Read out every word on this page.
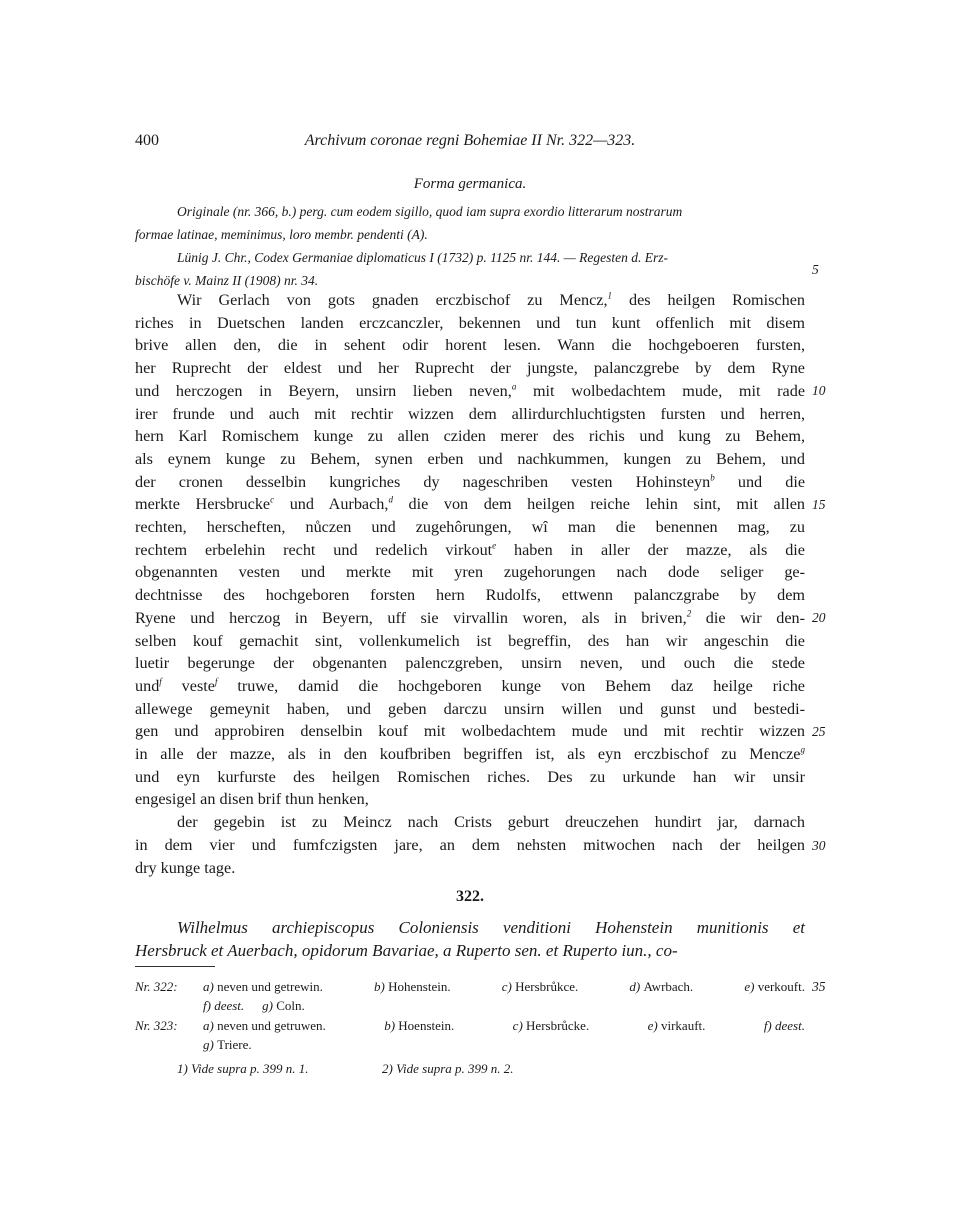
400	Archivum coronae regni Bohemiae II Nr. 322—323.
Forma germanica.
Originale (nr. 366, b.) perg. cum eodem sigillo, quod iam supra exordio litterarum nostrarum
formae latinae, meminimus, loro membr. pendenti (A).
Lünig J. Chr., Codex Germaniae diplomaticus I (1732) p. 1125 nr. 144. — Regesten d. Erz-
bischöfe v. Mainz II (1908) nr. 34.
5
Wir Gerlach von gots gnaden erczbischof zu Mencz,$^1$ des heilgen Romischen
riches in Duetschen landen erczcanczler, bekennen und tun kunt offenlich mit disem
brive allen den, die in sehent odir horent lesen. Wann die hochgeboeren fursten,
her Ruprecht der eldest und her Ruprecht der jungste, palanczgrebe by dem Ryne
und herczogen in Beyern, unsirn lieben neven,$^a$ mit wolbedachtem mude, mit rade
irer frunde und auch mit rechtir wizzen dem allirdurchluchtigsten fursten und herren,
hern Karl Romischem kunge zu allen cziden merer des richis und kung zu Behem,
als eynem kunge zu Behem, synen erben und nachkummen, kungen zu Behem, und
der cronen desselbin kungriches dy nageschriben vesten Hohinsteyn$^b$ und die
merkte Hersbrucke$^c$ und Aurbach,$^d$ die von dem heilgen reiche lehin sint, mit allen
rechten, herscheften, nůczen und zugehôrungen, wî man die benennen mag, zu
rechtem erbelehin recht und redelich virkout$^e$ haben in aller der mazze, als die
obgenannten vesten und merkte mit yren zugehorungen nach dode seliger ge-
dechtnisse des hochgeboren forsten hern Rudolfs, ettwenn palanczgrabe by dem
Ryene und herczog in Beyern, uff sie virvallin woren, als in briven,$^2$ die wir den-
selben kouf gemachit sint, vollenkumelich ist begreffin, des han wir angeschin die
luetir begerunge der obgenanten palenczgreben, unsirn neven, und ouch die stede
und$^f$ veste$^f$ truwe, damid die hochgeboren kunge von Behem daz heilge riche
allewege gemeynit haben, und geben darczu unsirn willen und gunst und bestedi-
gen und approbiren denselbin kouf mit wolbedachtem mude und mit rechtir wizzen
in alle der mazze, als in den koufbriben begriffen ist, als eyn erczbischof zu Mencze$^g$
und eyn kurfurste des heilgen Romischen riches. Des zu urkunde han wir unsir
engesigel an disen brif thun henken,
der gegebin ist zu Meincz nach Crists geburt dreuczehen hundirt jar, darnach
in dem vier und fumfczigsten jare, an dem nehsten mitwochen nach der heilgen
dry kunge tage.
10
15
20
25
30
322.
Wilhelmus archiepiscopus Coloniensis venditioni Hohenstein munitionis et
Hersbruck et Auerbach, opidorum Bavariae, a Ruperto sen. et Ruperto iun., co-
Nr. 322: a) neven und getrewin.	b) Hohenstein.	c) Hersbrůkce.	d) Awrbach.	e) verkouft.
f) deest. g) Coln.
35
Nr. 323: a) neven und getruwen.	b) Hoenstein.	c) Hersbrůcke.	e) virkauft.	f) deest.
g) Triere.
1) Vide supra p. 399 n. 1.	2) Vide supra p. 399 n. 2.
